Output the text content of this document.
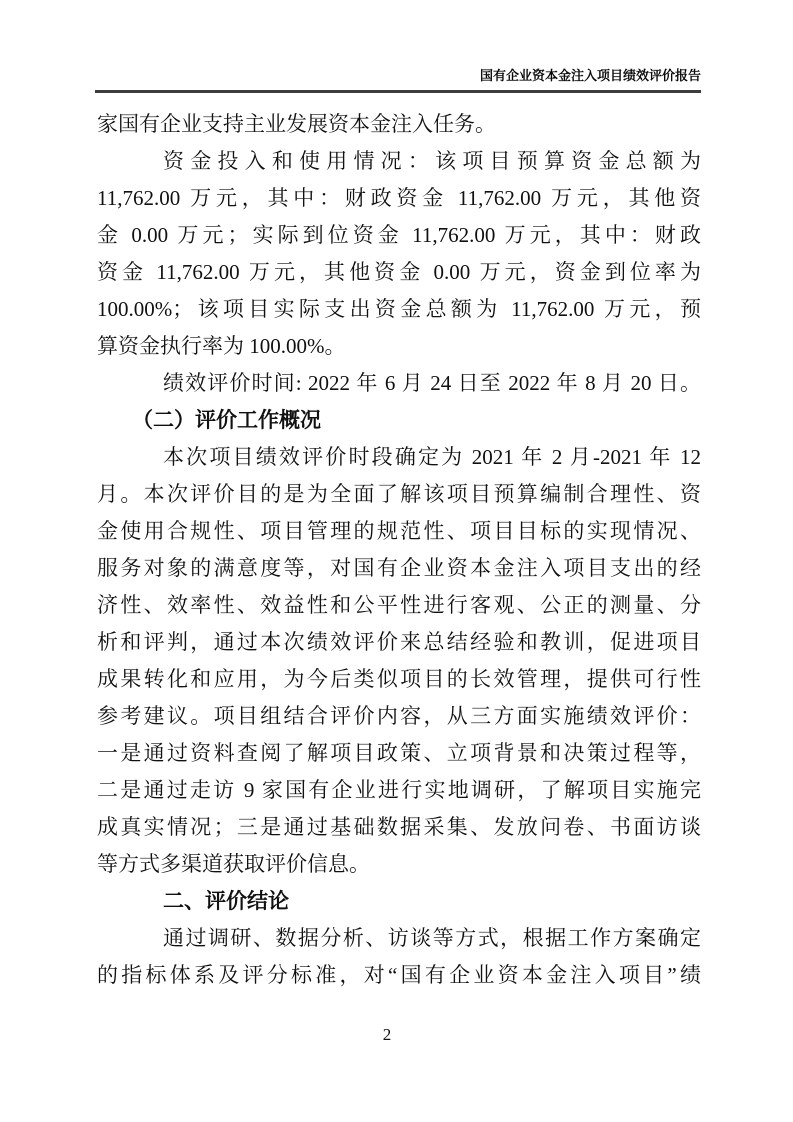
国有企业资本金注入项目绩效评价报告
家国有企业支持主业发展资本金注入任务。
资金投入和使用情况：该项目预算资金总额为
11,762.00 万元，其中：财政资金 11,762.00 万元，其他资
金 0.00 万元；实际到位资金 11,762.00 万元，其中：财政
资金 11,762.00 万元，其他资金 0.00 万元，资金到位率为
100.00%；该项目实际支出资金总额为 11,762.00 万元，预
算资金执行率为 100.00%。
绩效评价时间: 2022 年 6 月 24 日至 2022 年 8 月 20 日。
（二）评价工作概况
本次项目绩效评价时段确定为 2021 年 2 月-2021 年 12
月。本次评价目的是为全面了解该项目预算编制合理性、资
金使用合规性、项目管理的规范性、项目目标的实现情况、
服务对象的满意度等，对国有企业资本金注入项目支出的经
济性、效率性、效益性和公平性进行客观、公正的测量、分
析和评判，通过本次绩效评价来总结经验和教训，促进项目
成果转化和应用，为今后类似项目的长效管理，提供可行性
参考建议。项目组结合评价内容，从三方面实施绩效评价：
一是通过资料查阅了解项目政策、立项背景和决策过程等，
二是通过走访 9 家国有企业进行实地调研，了解项目实施完
成真实情况；三是通过基础数据采集、发放问卷、书面访谈
等方式多渠道获取评价信息。
二、评价结论
通过调研、数据分析、访谈等方式，根据工作方案确定
的指标体系及评分标准，对“国有企业资本金注入项目”绩
2
